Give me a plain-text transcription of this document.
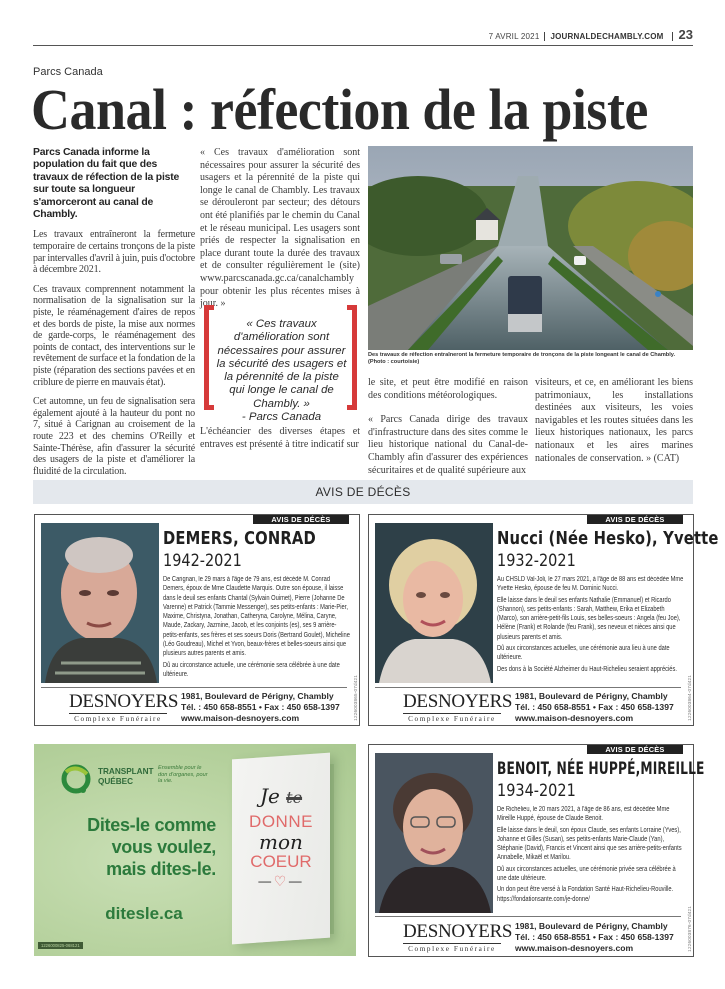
7 AVRIL 2021	JOURNALDECHAMBLY.COM	23
Parcs Canada
Canal : réfection de la piste

Parcs Canada informe la population du fait que des travaux de réfection de la piste sur toute sa longueur s'amorceront au canal de Chambly.

Les travaux entraîneront la fermeture temporaire de certains tronçons de la piste par intervalles d'avril à juin, puis d'octobre à décembre 2021.

Ces travaux comprennent notamment la normalisation de la signalisation sur la piste, le réaménagement d'aires de repos et des bords de piste, la mise aux normes de garde-corps, le réaménagement des points de contact, des interventions sur le revêtement de surface et la fondation de la piste (réparation des sections pavées et en criblure de pierre en mauvais état).

Cet automne, un feu de signalisation sera également ajouté à la hauteur du pont no 7, situé à Carignan au croisement de la route 223 et des chemins O'Reilly et Sainte-Thérèse, afin d'assurer la sécurité des usagers de la piste et d'améliorer la fluidité de la circulation.

« Ces travaux d'amélioration sont nécessaires pour assurer la sécurité des usagers et la pérennité de la piste qui longe le canal de Chambly. Les travaux se dérouleront par secteur; des détours ont été planifiés par le chemin du Canal et le réseau municipal. Les usagers sont priés de respecter la signalisation en place durant toute la durée des travaux et de consulter régulièrement le (site) www.parcscanada.gc.ca/canalchambly pour obtenir les plus récentes mises à jour. »

« Ces travaux d'amélioration sont nécessaires pour assurer la sécurité des usagers et la pérennité de la piste qui longe le canal de Chambly. »
- Parcs Canada

L'échéancier des diverses étapes et entraves est présenté à titre indicatif sur

Des travaux de réfection entraîneront la fermeture temporaire de tronçons de la piste longeant le canal de Chambly. (Photo : courtoisie)

le site, et peut être modifié en raison des conditions météorologiques.

« Parcs Canada dirige des travaux d'infrastructure dans des sites comme le lieu historique national du Canal-de-Chambly afin d'assurer des expériences sécuritaires et de qualité supérieure aux

visiteurs, et ce, en améliorant les biens patrimoniaux, les installations destinées aux visiteurs, les voies navigables et les routes situées dans les lieux historiques nationaux, les parcs nationaux et les aires marines nationales de conservation. » (CAT)

AVIS DE DÉCÈS
AVIS DE DÉCÈS
DEMERS, CONRAD
1942-2021

De Carignan, le 29 mars à l'âge de 79 ans, est décédé M. Conrad Demers, époux de Mme Claudette Marquis. Outre son épouse, il laisse dans le deuil ses enfants Chantal (Sylvain Ouimet), Pierre (Johanne De Varenne) et Patrick (Tammie Messenger), ses petits-enfants : Marie-Pier, Maxime, Christyna, Jonathan, Catheryna, Carolyne, Mélina, Caryne, Maude, Zackary, Jazmine, Jacob, et les conjoints (es), ses 9 arrière-petits-enfants, ses frères et ses soeurs Doris (Bertrand Goulet), Micheline (Léo Goudreau), Michel et Yvon, beaux-frères et belles-soeurs ainsi que plusieurs autres parents et amis.

Dû au circonstance actuelle, une cérémonie sera célébrée à une date ultérieure.

DESNOYERS
Complexe Funéraire
1981, Boulevard de Périgny, Chambly
Tél. : 450 658-8551 • Fax : 450 658-1397
www.maison-desnoyers.com	1226003865-07d421
AVIS DE DÉCÈS
Nucci (Née Hesko), Yvette
1932-2021

Au CHSLD Val-Joli, le 27 mars 2021, à l'âge de 88 ans est décédée Mme Yvette Hesko, épouse de feu M. Dominic Nucci.

Elle laisse dans le deuil ses enfants Nathalie (Emmanuel) et Ricardo (Shannon), ses petits-enfants : Sarah, Matthew, Erika et Elizabeth (Marco), son arrière-petit-fils Louis, ses belles-soeurs : Angela (feu Joe), Hélène (Frank) et Rolande (feu Frank), ses neveux et nièces ainsi que plusieurs parents et amis.

Dû aux circonstances actuelles, une cérémonie aura lieu à une date ultérieure.

Des dons à la Société Alzheimer du Haut-Richelieu seraient appréciés.

DESNOYERS
Complexe Funéraire
1981, Boulevard de Périgny, Chambly
Tél. : 450 658-8551 • Fax : 450 658-1397
www.maison-desnoyers.com	1226003864-07d421
TRANSPLANT
QUÉBEC
Ensemble pour le don d'organes, pour la vie.
Dites-le comme
vous voulez,
mais dites-le.
ditesle.ca
Je te
DONNE
mon
COEUR
—♡—
1226000825-068121
AVIS DE DÉCÈS
BENOIT, NÉE HUPPÉ,MIREILLE
1934-2021

De Richelieu, le 20 mars 2021, à l'âge de 86 ans, est décédée Mme Mireille Huppé, épouse de Claude Benoit.

Elle laisse dans le deuil, son époux Claude, ses enfants Lorraine (Yves), Johanne et Gilles (Susan), ses petits-enfants Marie-Claude (Yan), Stéphanie (David), Francis et Vincent ainsi que ses arrière-petits-enfants Annabelle, Mikaël et Marilou.

Dû aux circonstances actuelles, une cérémonie privée sera célébrée à une date ultérieure.

Un don peut être versé à la Fondation Santé Haut-Richelieu-Rouville. https://fondationsante.com/je-donne/

DESNOYERS
Complexe Funéraire
1981, Boulevard de Périgny, Chambly
Tél. : 450 658-8551 • Fax : 450 658-1397
www.maison-desnoyers.com	1226003876-07d421
